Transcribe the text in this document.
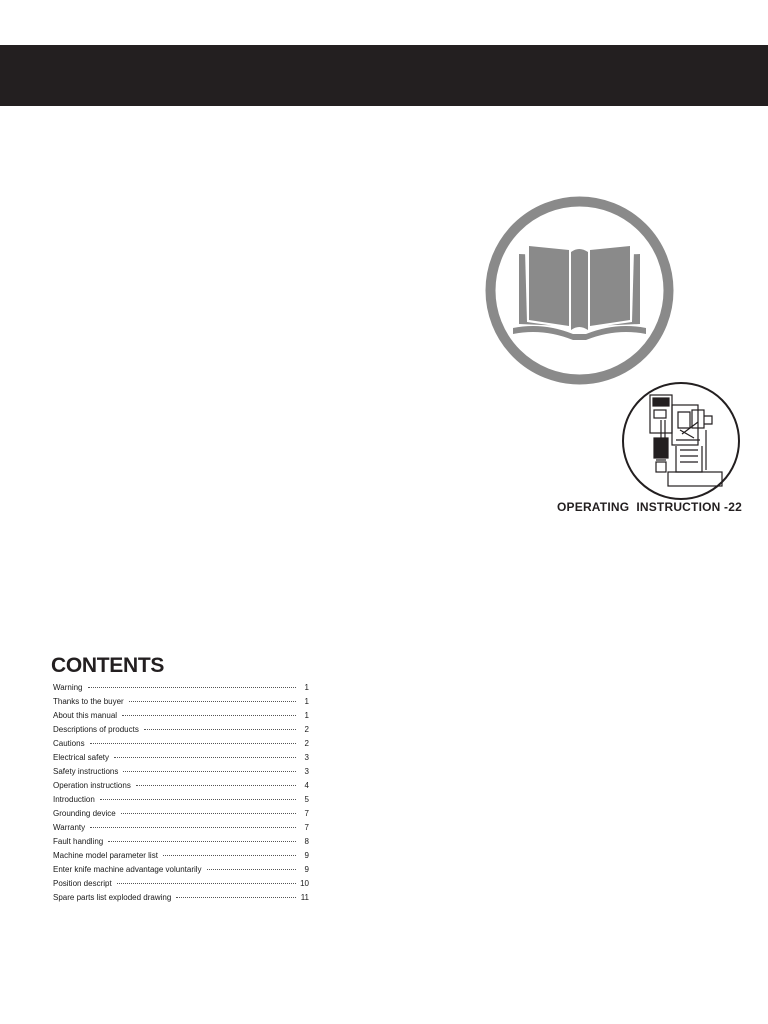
OPERATING  INSTRUCTION -22
CONTENTS
Warning	1
Thanks to the buyer	1
About this manual	1
Descriptions of products	2
Cautions	2
Electrical safety	3
Safety instructions	3
Operation instructions	4
Introduction	5
Grounding device	7
Warranty	7
Fault handling	8
Machine model parameter list	9
Enter knife machine advantage voluntarily	9
Position descript	10
Spare parts list exploded drawing	11
